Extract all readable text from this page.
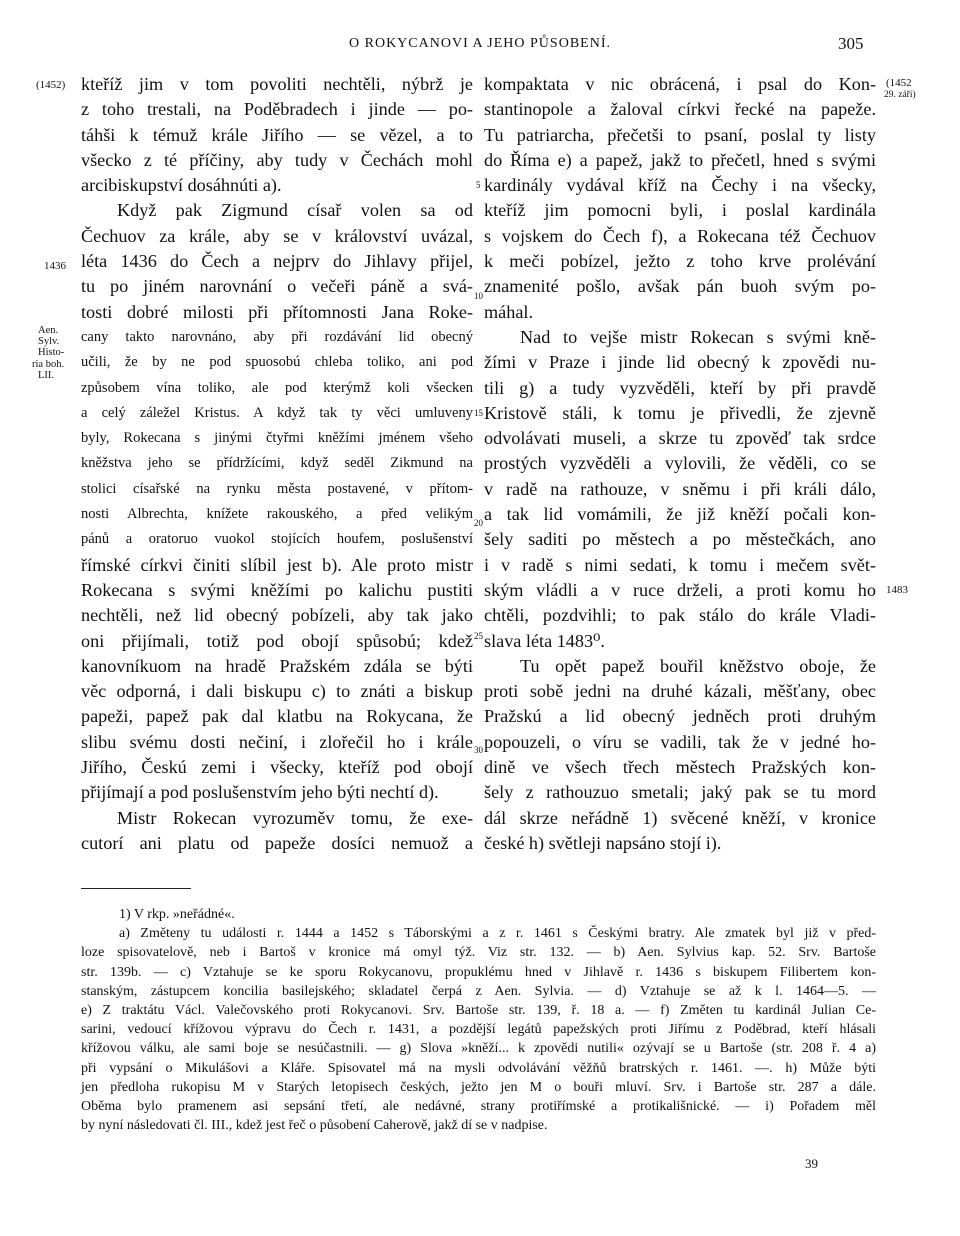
O ROKYCANOVI A JEHO PŮSOBENÍ.	305
(1452)
1436
Aen.
Sylv.
Histo-
ria boh.
LII.
(1452
29. září)
1483
5
10
15
20
25
30
kteříž jim v tom povoliti nechtěli, nýbrž je
z toho trestali, na Poděbradech i jinde — po-
táhši k témuž krále Jiřího — se vězel, a to
všecko z té příčiny, aby tudy v Čechách mohl
arcibiskupství dosáhnúti a).
Když pak Zigmund císař volen sa od
Čechuov za krále, aby se v království uvázal,
léta 1436 do Čech a nejprv do Jihlavy přijel,
tu po jiném narovnání o večeři páně a svá-
tosti dobré milosti při přítomnosti Jana Roke-
cany takto narovnáno, aby při rozdávání lid obecný
učili, že by ne pod spuosobú chleba toliko, ani pod
způsobem vína toliko, ale pod kterýmž koli všecken
a celý záležel Kristus. A když tak ty věci umluveny
byly, Rokecana s jinými čtyřmi kněžími jménem všeho
kněžstva jeho se přídržícími, když seděl Zikmund na
stolici císařské na rynku města postavené, v přítom-
nosti Albrechta, knížete rakouského, a před velikým
pánů a oratoruo vuokol stojících houfem, poslušenství
římské církvi činiti slíbil jest b). Ale proto mistr
Rokecana s svými kněžími po kalichu pustiti
nechtěli, než lid obecný pobízeli, aby tak jako
oni přijímali, totiž pod obojí spůsobú; kdež
kanovníkuom na hradě Pražském zdála se býti
věc odporná, i dali biskupu c) to znáti a biskup
papeži, papež pak dal klatbu na Rokycana, že
slibu svému dosti nečiní, i zlořečil ho i krále
Jiřího, Českú zemi i všecky, kteříž pod obojí
přijímají a pod poslušenstvím jeho býti nechtí d).
Mistr Rokecan vyrozuměv tomu, že exe-
cutorí ani platu od papeže dosíci nemuož a
kompaktata v nic obrácená, i psal do Kon-
stantinopole a žaloval církvi řecké na papeže.
Tu patriarcha, přečetši to psaní, poslal ty listy
do Říma e) a papež, jakž to přečetl, hned s svými
kardinály vydával kříž na Čechy i na všecky,
kteříž jim pomocni byli, i poslal kardinála
s vojskem do Čech f), a Rokecana též Čechuov
k meči pobízel, ježto z toho krve prolévání
znamenité pošlo, avšak pán buoh svým po-
máhal.
Nad to vejše mistr Rokecan s svými kně-
žími v Praze i jinde lid obecný k zpovědi nu-
tili g) a tudy vyzvěděli, kteří by při pravdě
Kristově stáli, k tomu je přivedli, že zjevně
odvolávati museli, a skrze tu zpověď tak srdce
prostých vyzvěděli a vylovili, že věděli, co se
v radě na rathouze, v sněmu i při králi dálo,
a tak lid vomámili, že již kněží počali kon-
šely saditi po městech a po městečkách, ano
i v radě s nimi sedati, k tomu i mečem svět-
ským vládli a v ruce drželi, a proti komu ho
chtěli, pozdvihli; to pak stálo do krále Vladi-
slava léta 1483⁰.
Tu opět papež bouřil kněžstvo oboje, že
proti sobě jedni na druhé kázali, měšťany, obec
Pražskú a lid obecný jedněch proti druhým
popouzeli, o víru se vadili, tak že v jedné ho-
dině ve všech třech městech Pražských kon-
šely z rathouzuo smetali; jaký pak se tu mord
dál skrze neřádně 1) svěcené kněží, v kronice
české h) světleji napsáno stojí i).
1) V rkp. »neřádné«.
a) Změteny tu události r. 1444 a 1452 s Táborskými a z r. 1461 s Českými bratry. Ale zmatek byl již v před-
loze spisovatelově, neb i Bartoš v kronice má omyl týž. Viz str. 132. — b) Aen. Sylvius kap. 52. Srv. Bartoše
str. 139b. — c) Vztahuje se ke sporu Rokycanovu, propuklému hned v Jihlavě r. 1436 s biskupem Filibertem kon-
stanským, zástupcem koncilia basilejského; skladatel čerpá z Aen. Sylvia. — d) Vztahuje se až k l. 1464—5. —
e) Z traktátu Václ. Valečovského proti Rokycanovi. Srv. Bartoše str. 139, ř. 18 a. — f) Změten tu kardinál Julian Ce-
sarini, vedoucí křížovou výpravu do Čech r. 1431, a pozdější legátů papežských proti Jiřímu z Poděbrad, kteří hlásali
křížovou válku, ale sami boje se nesúčastnili. — g) Slova »kněží... k zpovědi nutili« ozývají se u Bartoše (str. 208 ř. 4 a)
při vypsání o Mikulášovi a Kláře. Spisovatel má na mysli odvolávání věžňů bratrských r. 1461. —. h) Může býti
jen předloha rukopisu M v Starých letopisech českých, ježto jen M o bouři mluví. Srv. i Bartoše str. 287 a dále.
Oběma bylo pramenem asi sepsání třetí, ale nedávné, strany protiřímské a protikališnické. — i) Pořadem měl
by nyní následovati čl. III., kdež jest řeč o působení Caherově, jakž dí se v nadpise.
39
